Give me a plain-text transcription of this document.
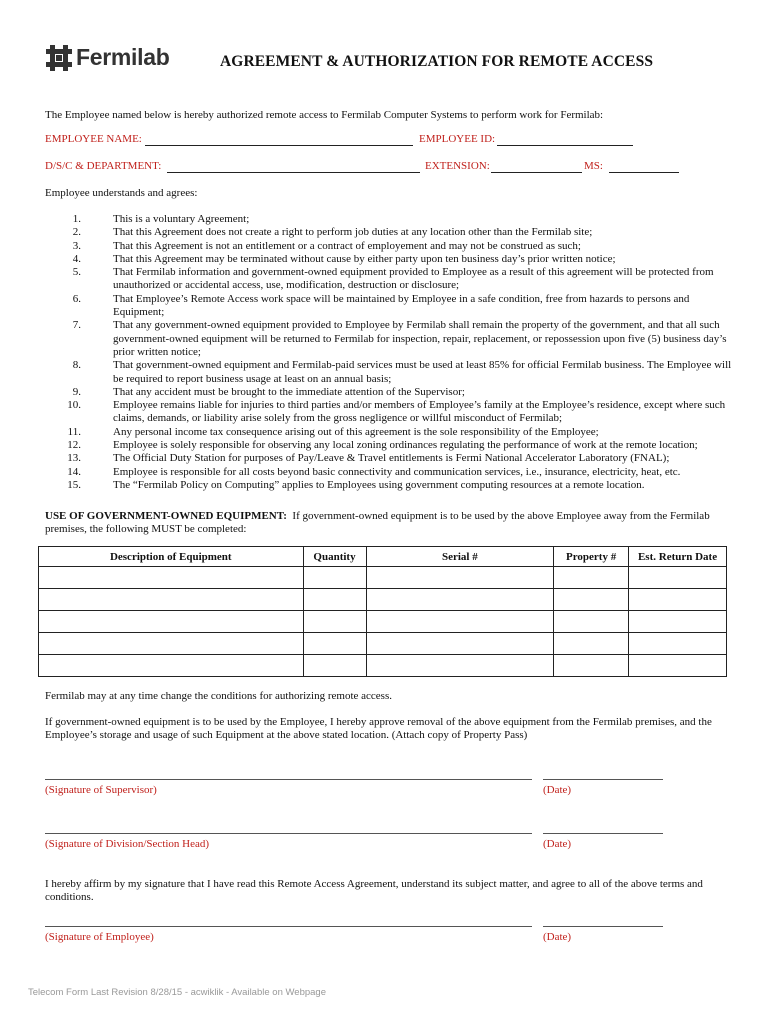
Fermilab	AGREEMENT & AUTHORIZATION FOR REMOTE ACCESS
The Employee named below is hereby authorized remote access to Fermilab Computer Systems to perform work for Fermilab:
EMPLOYEE NAME:	EMPLOYEE ID:
D/S/C & DEPARTMENT:	EXTENSION:	MS:
Employee understands and agrees:
1.	This is a voluntary Agreement;
2.	That this Agreement does not create a right to perform job duties at any location other than the Fermilab site;
3.	That this Agreement is not an entitlement or a contract of employement and may not be construed as such;
4.	That this Agreement may be terminated without cause by either party upon ten business day’s prior written notice;
5.	That Fermilab information and government-owned equipment provided to Employee as a result of this agreement will be protected from unauthorized or accidental access, use, modification, destruction or disclosure;
6.	That Employee’s Remote Access work space will be maintained by Employee in a safe condition, free from hazards to persons and Equipment;
7.	That any government-owned equipment provided to Employee by Fermilab shall remain the property of the government, and that all such government-owned equipment will be returned to Fermilab for inspection, repair, replacement, or repossession upon five (5) business day’s prior written notice;
8.	That government-owned equipment and Fermilab-paid services must be used at least 85% for official Fermilab business. The Employee will be required to report business usage at least on an annual basis;
9.	That any accident must be brought to the immediate attention of the Supervisor;
10.	Employee remains liable for injuries to third parties and/or members of Employee’s family at the Employee’s residence, except where such claims, demands, or liability arise solely from the gross negligence or willful misconduct of Fermilab;
11.	Any personal income tax consequence arising out of this agreement is the sole responsibility of the Employee;
12.	Employee is solely responsible for observing any local zoning ordinances regulating the performance of work at the remote location;
13.	The Official Duty Station for purposes of Pay/Leave & Travel entitlements is Fermi National Accelerator Laboratory (FNAL);
14.	Employee is responsible for all costs beyond basic connectivity and communication services, i.e., insurance, electricity, heat, etc.
15.	The “Fermilab Policy on Computing” applies to Employees using government computing resources at a remote location.
USE OF GOVERNMENT-OWNED EQUIPMENT: If government-owned equipment is to be used by the above Employee away from the Fermilab premises, the following MUST be completed:
Description of Equipment	Quantity	Serial #	Property #	Est. Return Date

Fermilab may at any time change the conditions for authorizing remote access.
If government-owned equipment is to be used by the Employee, I hereby approve removal of the above equipment from the Fermilab premises, and the Employee’s storage and usage of such Equipment at the above stated location. (Attach copy of Property Pass)
(Signature of Supervisor)	(Date)
(Signature of Division/Section Head)	(Date)
I hereby affirm by my signature that I have read this Remote Access Agreement, understand its subject matter, and agree to all of the above terms and conditions.
(Signature of Employee)	(Date)
Telecom Form Last Revision 8/28/15 - acwiklik - Available on Webpage
